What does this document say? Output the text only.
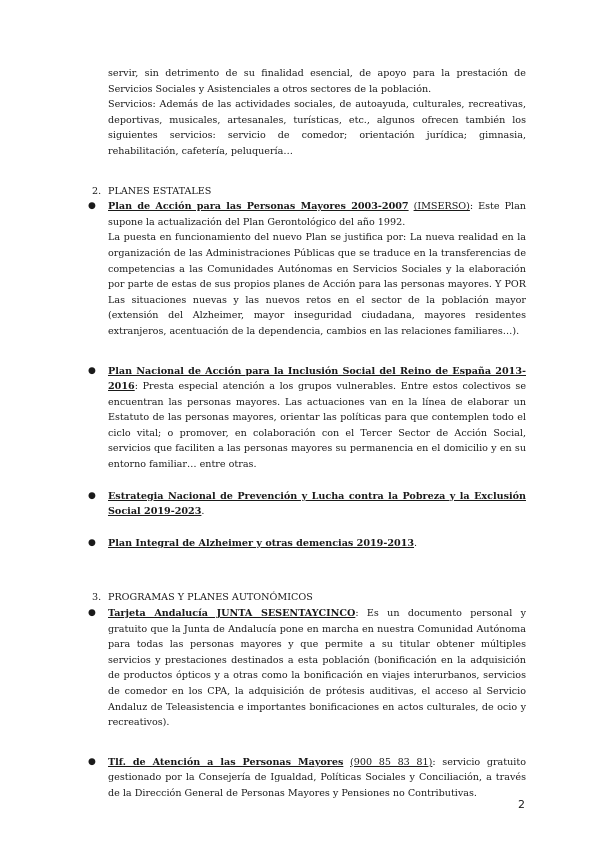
servir, sin detrimento de su finalidad esencial, de apoyo para la prestación de Servicios Sociales y Asistenciales a otros sectores de la población.

Servicios: Además de las actividades sociales, de autoayuda, culturales, recreativas, deportivas, musicales, artesanales, turísticas, etc., algunos ofrecen también los siguientes servicios: servicio de comedor; orientación jurídica; gimnasia, rehabilitación, cafetería, peluquería…

2. PLANES ESTATALES
● Plan de Acción para las Personas Mayores 2003-2007 (IMSERSO): Este Plan supone la actualización del Plan Gerontológico del año 1992.

La puesta en funcionamiento del nuevo Plan se justifica por: La nueva realidad en la organización de las Administraciones Públicas que se traduce en la transferencias de competencias a las Comunidades Autónomas en Servicios Sociales y la elaboración por parte de estas de sus propios planes de Acción para las personas mayores. Y POR Las situaciones nuevas y las nuevos retos en el sector de la población mayor (extensión del Alzheimer, mayor inseguridad ciudadana, mayores residentes extranjeros, acentuación de la dependencia, cambios en las relaciones familiares…).

● Plan Nacional de Acción para la Inclusión Social del Reino de España 2013-2016: Presta especial atención a los grupos vulnerables. Entre estos colectivos se encuentran las personas mayores. Las actuaciones van en la línea de elaborar un Estatuto de las personas mayores, orientar las políticas para que contemplen todo el ciclo vital; o promover, en colaboración con el Tercer Sector de Acción Social, servicios que faciliten a las personas mayores su permanencia en el domicilio y en su entorno familiar… entre otras.
● Estrategia Nacional de Prevención y Lucha contra la Pobreza y la Exclusión Social 2019-2023.
● Plan Integral de Alzheimer y otras demencias 2019-2013.
3. PROGRAMAS Y PLANES AUTONÓMICOS
● Tarjeta Andalucía JUNTA SESENTAYCINCO: Es un documento personal y gratuito que la Junta de Andalucía pone en marcha en nuestra Comunidad Autónoma para todas las personas mayores y que permite a su titular obtener múltiples servicios y prestaciones destinados a esta población (bonificación en la adquisición de productos ópticos y a otras como la bonificación en viajes interurbanos, servicios de comedor en los CPA, la adquisición de prótesis auditivas, el acceso al Servicio Andaluz de Teleasistencia e importantes bonificaciones en actos culturales, de ocio y recreativos).
● Tlf. de Atención a las Personas Mayores (900 85 83 81): servicio gratuito gestionado por la Consejería de Igualdad, Políticas Sociales y Conciliación, a través de la Dirección General de Personas Mayores y Pensiones no Contributivas.
2
